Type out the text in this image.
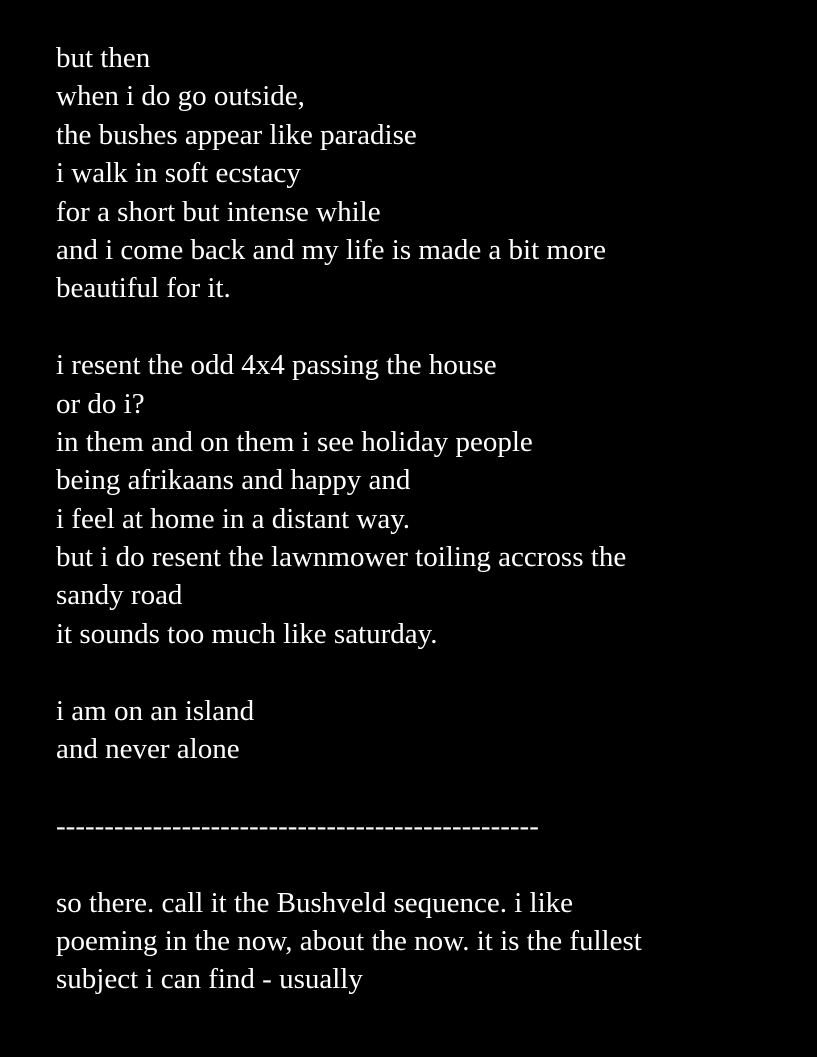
but then
when i do go outside,
the bushes appear like paradise
i walk in soft ecstacy
for a short but intense while
and i come back and my life is made a bit more
beautiful for it.
i resent the odd 4x4 passing the house
or do i?
in them and on them i see holiday people
being afrikaans and happy and
i feel at home in a distant way.
but i do resent the lawnmower toiling accross the
sandy road
it sounds too much like saturday.
i am on an island
and never alone
--------------------------------------------------
so there. call it the Bushveld sequence. i like
poeming in the now, about the now. it is the fullest
subject i can find - usually
